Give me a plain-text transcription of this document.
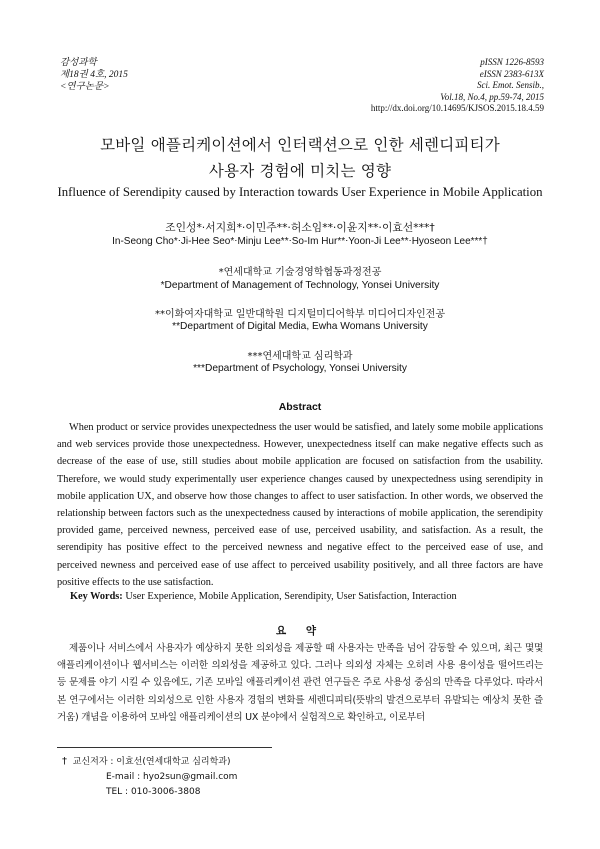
감성과학
제18권 4호, 2015
<연구논문>
pISSN 1226-8593
eISSN 2383-613X
Sci. Emot. Sensib.,
Vol.18, No.4, pp.59-74, 2015
http://dx.doi.org/10.14695/KJSOS.2015.18.4.59
모바일 애플리케이션에서 인터랙션으로 인한 세렌디피티가
사용자 경험에 미치는 영향
Influence of Serendipity caused by Interaction towards User Experience in Mobile Application
조인성*⋅서지희*⋅이민주**⋅허소임**⋅이윤지**⋅이효선***†
In-Seong Cho*⋅Ji-Hee Seo*⋅Minju Lee**⋅So-Im Hur**⋅Yoon-Ji Lee**⋅Hyoseon Lee***†
*연세대학교 기술경영학협동과정전공
*Department of Management of Technology, Yonsei University
**이화여자대학교 일반대학원 디지털미디어학부 미디어디자인전공
**Department of Digital Media, Ewha Womans University
***연세대학교 심리학과
***Department of Psychology, Yonsei University
Abstract
When product or service provides unexpectedness the user would be satisfied, and lately some mobile applications and web services provide those unexpectedness. However, unexpectedness itself can make negative effects such as decrease of the ease of use, still studies about mobile application are focused on satisfaction from the usability. Therefore, we would study experimentally user experience changes caused by unexpectedness using serendipity in mobile application UX, and observe how those changes to affect to user satisfaction. In other words, we observed the relationship between factors such as the unexpectedness caused by interactions of mobile application, the serendipity provided game, perceived newness, perceived ease of use, perceived usability, and satisfaction. As a result, the serendipity has positive effect to the perceived newness and negative effect to the perceived ease of use, and perceived newness and perceived ease of use affect to perceived usability positively, and all three factors are have positive effects to the use satisfaction.
Key Words: User Experience, Mobile Application, Serendipity, User Satisfaction, Interaction
요 약
제품이나 서비스에서 사용자가 예상하지 못한 의외성을 제공할 때 사용자는 만족을 넘어 감동할 수 있으며, 최근 몇몇 애플리케이션이나 웹서비스는 이러한 의외성을 제공하고 있다. 그러나 의외성 자체는 오히려 사용 용이성을 떨어뜨리는 등 문제를 야기 시킬 수 있음에도, 기존 모바일 애플리케이션 관련 연구들은 주로 사용성 중심의 만족을 다루었다. 따라서 본 연구에서는 이러한 의외성으로 인한 사용자 경험의 변화를 세렌디피티(뜻밖의 발견으로부터 유발되는 예상치 못한 즐거움) 개념을 이용하여 모바일 애플리케이션의 UX 분야에서 실험적으로 확인하고, 이로부터
† 교신저자 : 이효선(연세대학교 심리학과)
E-mail : hyo2sun@gmail.com
TEL : 010-3006-3808
